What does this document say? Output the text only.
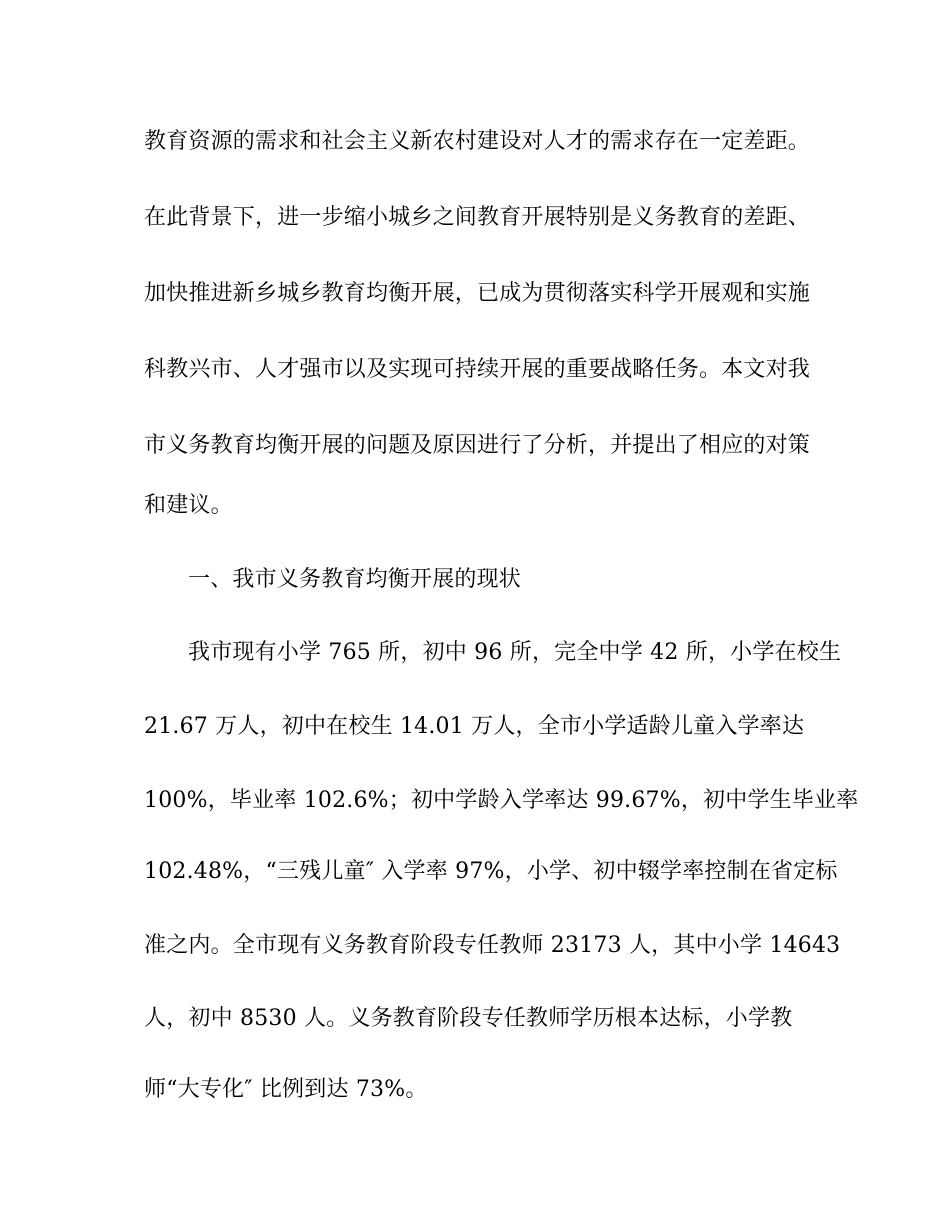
教育资源的需求和社会主义新农村建设对人才的需求存在一定差距。
在此背景下，进一步缩小城乡之间教育开展特别是义务教育的差距、
加快推进新乡城乡教育均衡开展，已成为贯彻落实科学开展观和实施
科教兴市、人才强市以及实现可持续开展的重要战略任务。本文对我
市义务教育均衡开展的问题及原因进行了分析，并提出了相应的对策
和建议。
一、我市义务教育均衡开展的现状
我市现有小学 765 所，初中 96 所，完全中学 42 所，小学在校生
21.67 万人，初中在校生 14.01 万人，全市小学适龄儿童入学率达
100%，毕业率 102.6%；初中学龄入学率达 99.67%，初中学生毕业率
102.48%，“三残儿童″ 入学率 97%，小学、初中辍学率控制在省定标
准之内。全市现有义务教育阶段专任教师 23173 人，其中小学 14643
人，初中 8530 人。义务教育阶段专任教师学历根本达标，小学教
师“大专化″ 比例到达 73%。
